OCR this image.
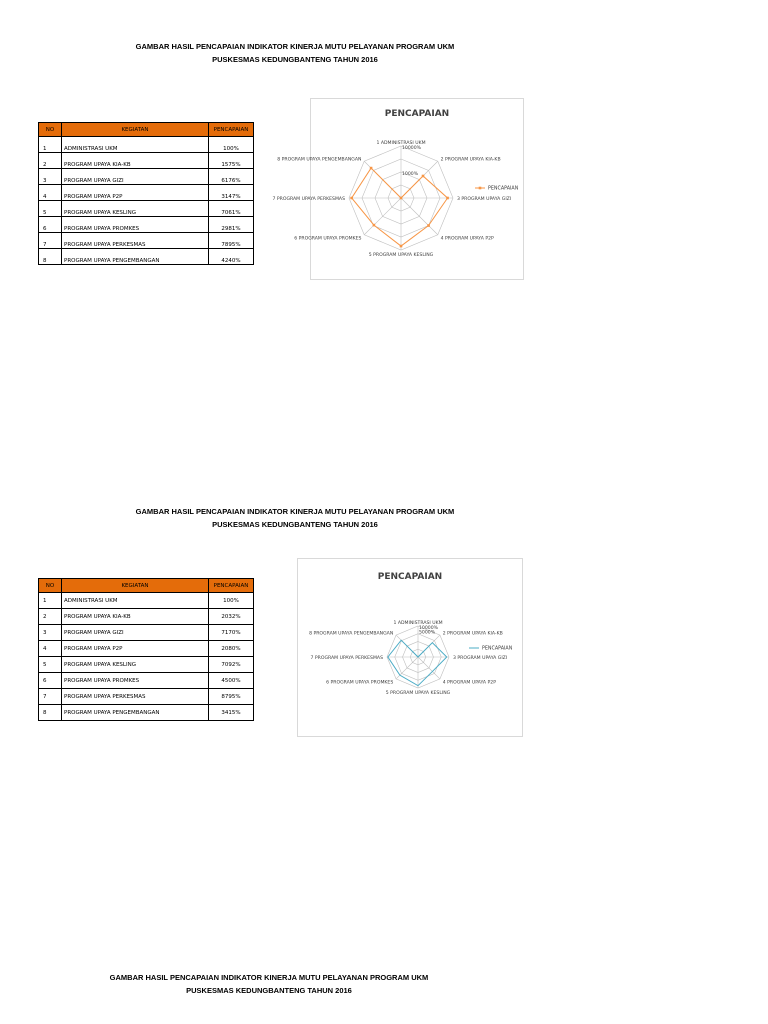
GAMBAR HASIL PENCAPAIAN INDIKATOR KINERJA MUTU PELAYANAN PROGRAM UKM
PUSKESMAS KEDUNGBANTENG TAHUN 2016
NO	KEGIATAN	PENCAPAIAN
1	ADMINISTRASI UKM	100%
2	PROGRAM UPAYA KIA-KB	1575%
3	PROGRAM UPAYA GIZI	6176%
4	PROGRAM UPAYA P2P	3147%
5	PROGRAM UPAYA KESLING	7061%
6	PROGRAM UPAYA PROMKES	2981%
7	PROGRAM UPAYA PERKESMAS	7895%
8	PROGRAM UPAYA PENGEMBANGAN	4240%
PENCAPAIAN
1000%
10000%
1 ADMINISTRASI UKM
2 PROGRAM UPAYA KIA-KB
3 PROGRAM UPAYA GIZI
4 PROGRAM UPAYA P2P
5 PROGRAM UPAYA KESLING
6 PROGRAM UPAYA PROMKES
7 PROGRAM UPAYA PERKESMAS
8 PROGRAM UPAYA PENGEMBANGAN
PENCAPAIAN
GAMBAR HASIL PENCAPAIAN INDIKATOR KINERJA MUTU PELAYANAN PROGRAM UKM
PUSKESMAS KEDUNGBANTENG TAHUN 2016
NO	KEGIATAN	PENCAPAIAN
1	ADMINISTRASI UKM	100%
2	PROGRAM UPAYA KIA-KB	2032%
3	PROGRAM UPAYA GIZI	7170%
4	PROGRAM UPAYA P2P	2080%
5	PROGRAM UPAYA KESLING	7092%
6	PROGRAM UPAYA PROMKES	4500%
7	PROGRAM UPAYA PERKESMAS	8795%
8	PROGRAM UPAYA PENGEMBANGAN	3415%
PENCAPAIAN
5000%
10000%
1 ADMINISTRASI UKM
2 PROGRAM UPAYA KIA-KB
3 PROGRAM UPAYA GIZI
4 PROGRAM UPAYA P2P
5 PROGRAM UPAYA KESLING
6 PROGRAM UPAYA PROMKES
7 PROGRAM UPAYA PERKESMAS
8 PROGRAM UPAYA PENGEMBANGAN
PENCAPAIAN
GAMBAR HASIL PENCAPAIAN INDIKATOR KINERJA MUTU PELAYANAN PROGRAM UKM
PUSKESMAS KEDUNGBANTENG TAHUN 2016
